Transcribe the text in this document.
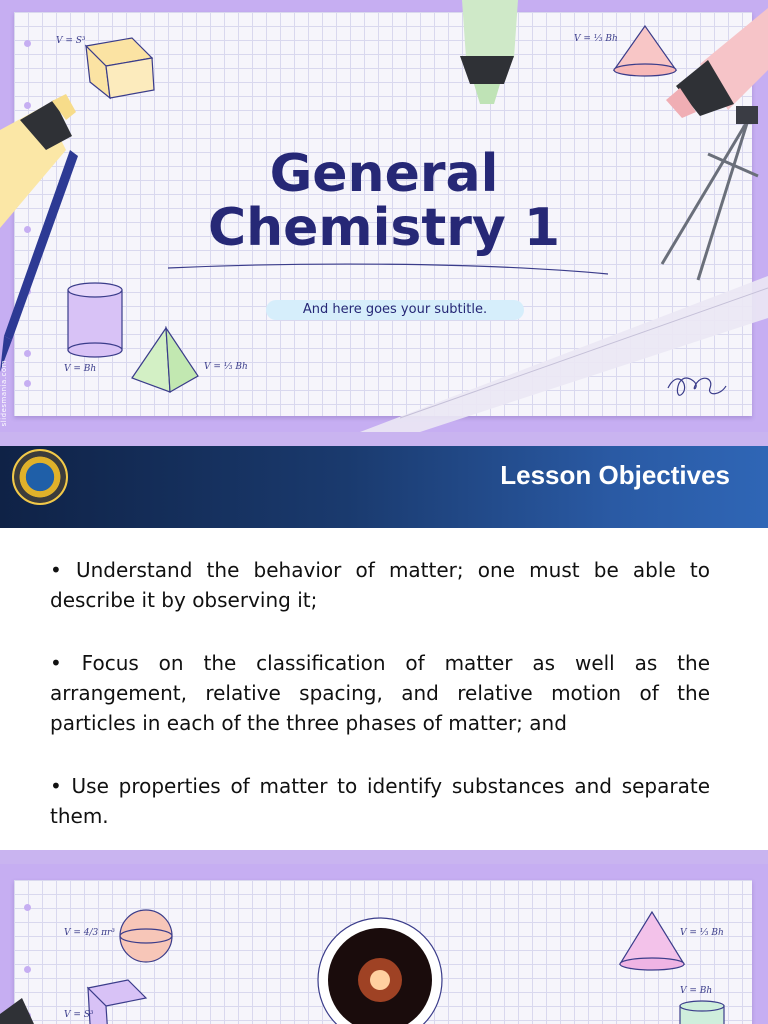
V = S³	V = ⅓ Bh
V = Bh	V = ⅓ Bh
General
Chemistry 1
And here goes your subtitle.
slidesmania.com
Lesson Objectives

• Understand the behavior of matter; one must be able to describe it by observing it;

• Focus on the classification of matter as well as the arrangement, relative spacing, and relative motion of the particles in each of the three phases of matter; and

• Use properties of matter to identify substances and separate them.

V = 4/3 πr³	V = ⅓ Bh
V = Bh
V = S³
